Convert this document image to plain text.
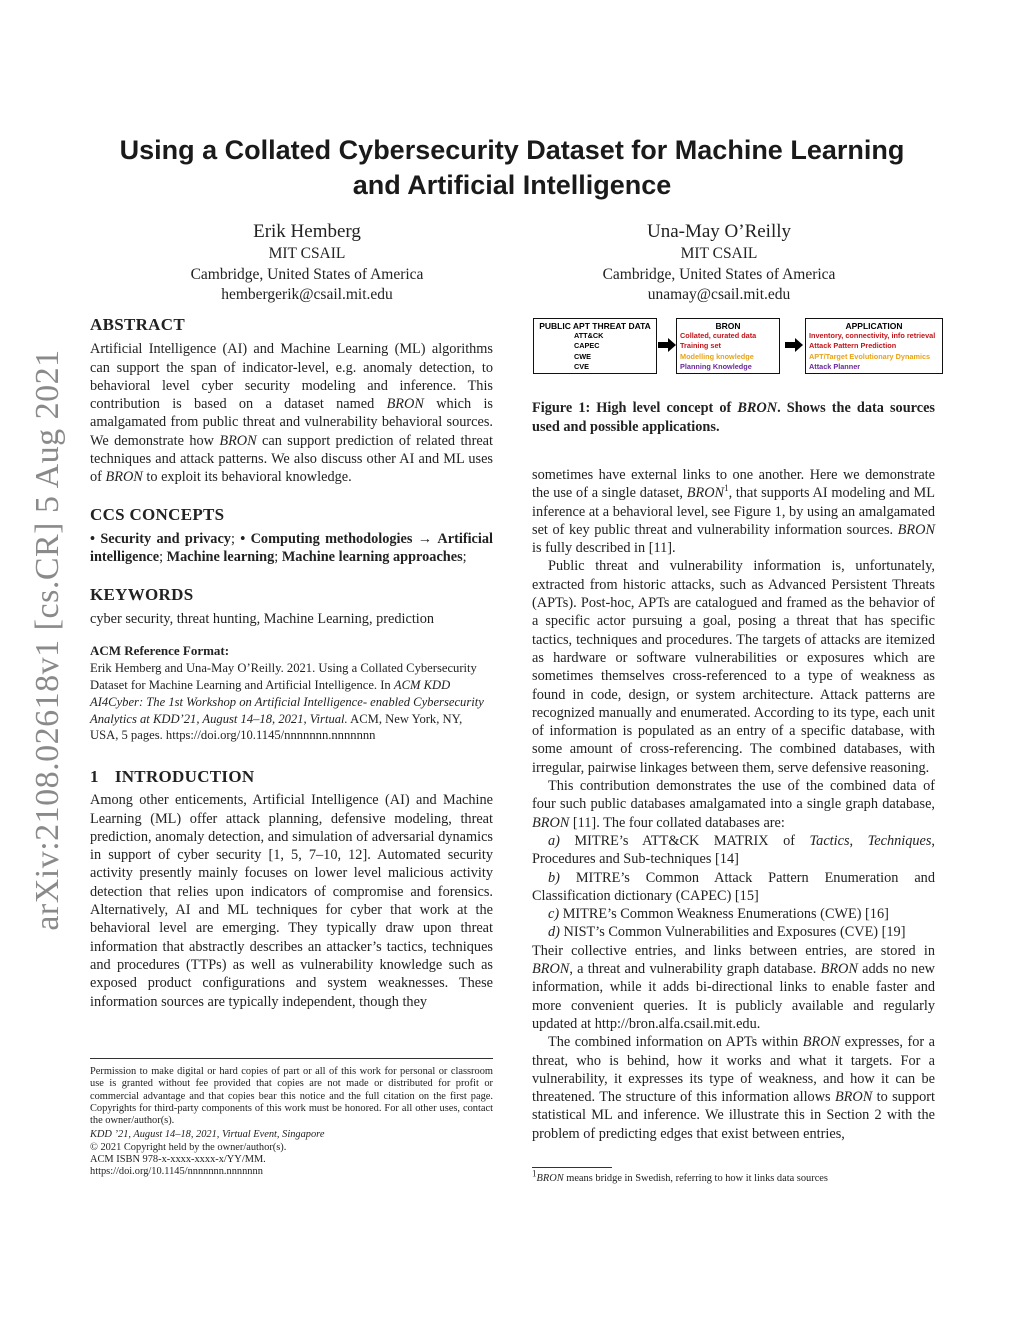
arXiv:2108.02618v1 [cs.CR] 5 Aug 2021
Using a Collated Cybersecurity Dataset for Machine Learning
and Artificial Intelligence
Erik Hemberg
MIT CSAIL
Cambridge, United States of America
hembergerik@csail.mit.edu
Una-May O’Reilly
MIT CSAIL
Cambridge, United States of America
unamay@csail.mit.edu
ABSTRACT

Artificial Intelligence (AI) and Machine Learning (ML) algorithms can support the span of indicator-level, e.g. anomaly detection, to behavioral level cyber security modeling and inference. This contribution is based on a dataset named BRON which is amalgamated from public threat and vulnerability behavioral sources. We demonstrate how BRON can support prediction of related threat techniques and attack patterns. We also discuss other AI and ML uses of BRON to exploit its behavioral knowledge.

CCS CONCEPTS

• Security and privacy; • Computing methodologies → Artificial intelligence; Machine learning; Machine learning approaches;

KEYWORDS

cyber security, threat hunting, Machine Learning, prediction

ACM Reference Format:

Erik Hemberg and Una-May O’Reilly. 2021. Using a Collated Cybersecurity Dataset for Machine Learning and Artificial Intelligence. In ACM KDD AI4Cyber: The 1st Workshop on Artificial Intelligence- enabled Cybersecurity Analytics at KDD’21, August 14–18, 2021, Virtual. ACM, New York, NY, USA, 5 pages. https://doi.org/10.1145/nnnnnnn.nnnnnnn

1 INTRODUCTION

Among other enticements, Artificial Intelligence (AI) and Machine Learning (ML) offer attack planning, defensive modeling, threat prediction, anomaly detection, and simulation of adversarial dynamics in support of cyber security [1, 5, 7–10, 12]. Automated security activity presently mainly focuses on lower level malicious activity detection that relies upon indicators of compromise and forensics. Alternatively, AI and ML techniques for cyber that work at the behavioral level are emerging. They typically draw upon threat information that abstractly describes an attacker’s tactics, techniques and procedures (TTPs) as well as vulnerability knowledge such as exposed product configurations and system weaknesses. These information sources are typically independent, though they

Permission to make digital or hard copies of part or all of this work for personal or classroom use is granted without fee provided that copies are not made or distributed for profit or commercial advantage and that copies bear this notice and the full citation on the first page. Copyrights for third-party components of this work must be honored. For all other uses, contact the owner/author(s).
KDD ’21, August 14–18, 2021, Virtual Event, Singapore
© 2021 Copyright held by the owner/author(s).
ACM ISBN 978-x-xxxx-xxxx-x/YY/MM.
https://doi.org/10.1145/nnnnnnn.nnnnnnn
PUBLIC APT THREAT DATA
ATT&CK
CAPEC
CWE
CVE
BRON
Collated, curated data
Training set
Modelling knowledge
Planning Knowledge
APPLICATION
Inventory, connectivity, info retrieval
Attack Pattern Prediction
APT/Target Evolutionary Dynamics
Attack Planner
Figure 1: High level concept of BRON. Shows the data sources used and possible applications.

sometimes have external links to one another. Here we demonstrate the use of a single dataset, BRON$^1$, that supports AI modeling and ML inference at a behavioral level, see Figure 1, by using an amalgamated set of key public threat and vulnerability information sources. BRON is fully described in [11].

Public threat and vulnerability information is, unfortunately, extracted from historic attacks, such as Advanced Persistent Threats (APTs). Post-hoc, APTs are catalogued and framed as the behavior of a specific actor pursuing a goal, posing a threat that has specific tactics, techniques and procedures. The targets of attacks are itemized as hardware or software vulnerabilities or exposures which are sometimes themselves cross-referenced to a type of weakness as found in code, design, or system architecture. Attack patterns are recognized manually and enumerated. According to its type, each unit of information is populated as an entry of a specific database, with some amount of cross-referencing. The combined databases, with irregular, pairwise linkages between them, serve defensive reasoning.

This contribution demonstrates the use of the combined data of four such public databases amalgamated into a single graph database, BRON [11]. The four collated databases are:

a) MITRE’s ATT&CK MATRIX of Tactics, Techniques, Procedures and Sub-techniques [14]

b) MITRE’s Common Attack Pattern Enumeration and Classification dictionary (CAPEC) [15]

c) MITRE’s Common Weakness Enumerations (CWE) [16]

d) NIST’s Common Vulnerabilities and Exposures (CVE) [19]

Their collective entries, and links between entries, are stored in BRON, a threat and vulnerability graph database. BRON adds no new information, while it adds bi-directional links to enable faster and more convenient queries. It is publicly available and regularly updated at http://bron.alfa.csail.mit.edu.

The combined information on APTs within BRON expresses, for a threat, who is behind, how it works and what it targets. For a vulnerability, it expresses its type of weakness, and how it can be threatened. The structure of this information allows BRON to support statistical ML and inference. We illustrate this in Section 2 with the problem of predicting edges that exist between entries,

$^1$BRON means bridge in Swedish, referring to how it links data sources
